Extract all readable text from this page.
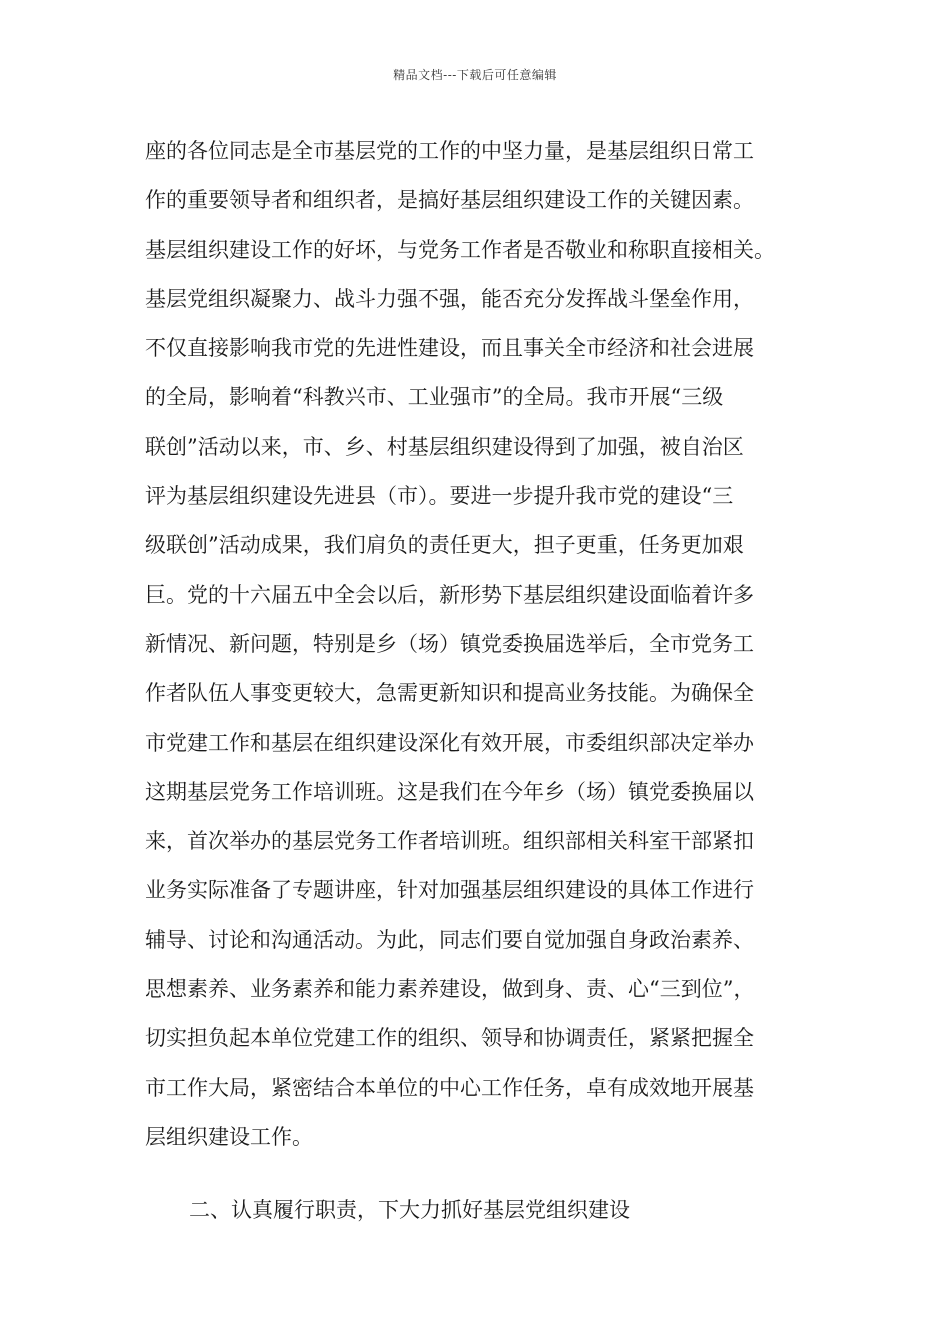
精品文档---下载后可任意编辑
座的各位同志是全市基层党的工作的中坚力量，是基层组织日常工
作的重要领导者和组织者，是搞好基层组织建设工作的关键因素。
基层组织建设工作的好坏，与党务工作者是否敬业和称职直接相关。
基层党组织凝聚力、战斗力强不强，能否充分发挥战斗堡垒作用，
不仅直接影响我市党的先进性建设，而且事关全市经济和社会进展
的全局，影响着“科教兴市、工业强市”的全局。我市开展“三级
联创”活动以来，市、乡、村基层组织建设得到了加强，被自治区
评为基层组织建设先进县（市）。要进一步提升我市党的建设“三
级联创”活动成果，我们肩负的责任更大，担子更重，任务更加艰
巨。党的十六届五中全会以后，新形势下基层组织建设面临着许多
新情况、新问题，特别是乡（场）镇党委换届选举后，全市党务工
作者队伍人事变更较大，急需更新知识和提高业务技能。为确保全
市党建工作和基层在组织建设深化有效开展，市委组织部决定举办
这期基层党务工作培训班。这是我们在今年乡（场）镇党委换届以
来，首次举办的基层党务工作者培训班。组织部相关科室干部紧扣
业务实际准备了专题讲座，针对加强基层组织建设的具体工作进行
辅导、讨论和沟通活动。为此，同志们要自觉加强自身政治素养、
思想素养、业务素养和能力素养建设，做到身、责、心“三到位”，
切实担负起本单位党建工作的组织、领导和协调责任，紧紧把握全
市工作大局，紧密结合本单位的中心工作任务，卓有成效地开展基
层组织建设工作。
二、认真履行职责，下大力抓好基层党组织建设
